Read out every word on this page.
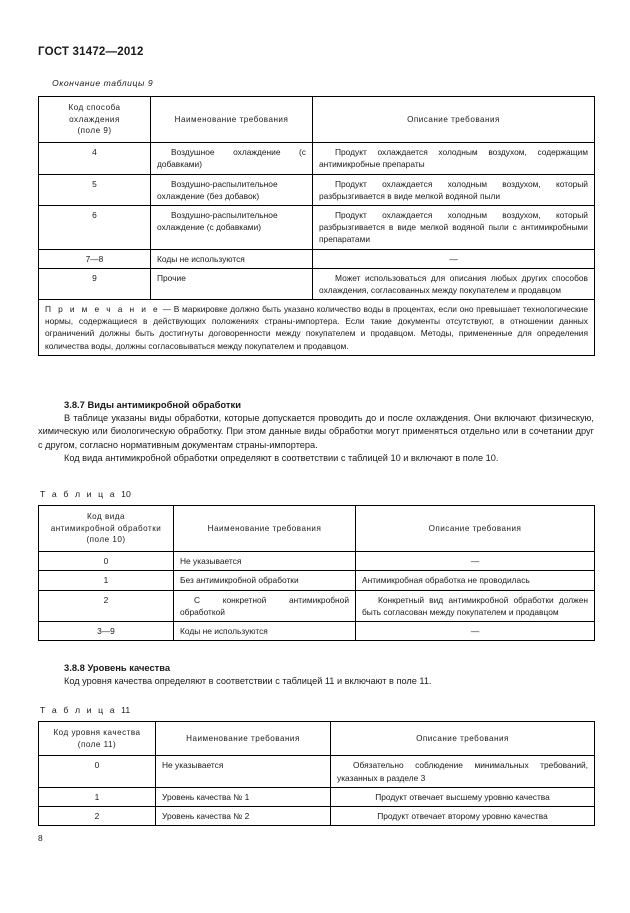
ГОСТ 31472—2012
Окончание таблицы 9
Код способа
охлаждения
(поле 9)	Наименование требования	Описание требования
4	Воздушное охлаждение (с добавками)	Продукт охлаждается холодным воздухом, содержащим антимикробные препараты
5	Воздушно-распылительное охлаждение (без добавок)	Продукт охлаждается холодным воздухом, который разбрызгивается в виде мелкой водяной пыли
6	Воздушно-распылительное охлаждение (с добавками)	Продукт охлаждается холодным воздухом, который разбрызгивается в виде мелкой водяной пыли с антимикробными препаратами
7—8	Коды не используются	—
9	Прочие	Может использоваться для описания любых других способов охлаждения, согласованных между покупателем и продавцом
П р и м е ч а н и е — В маркировке должно быть указано количество воды в процентах, если оно превышает технологические нормы, содержащиеся в действующих положениях страны-импортера. Если такие документы отсутствуют, в отношении данных ограничений должны быть достигнуты договоренности между покупателем и продавцом. Методы, примененные для определения количества воды, должны согласовываться между покупателем и продавцом.		
3.8.7 Виды антимикробной обработки

В таблице указаны виды обработки, которые допускается проводить до и после охлаждения. Они включают физическую, химическую или биологическую обработку. При этом данные виды обработки могут применяться отдельно или в сочетании друг с другом, согласно нормативным документам страны-импортера.

Код вида антимикробной обработки определяют в соответствии с таблицей 10 и включают в поле 10.

Т а б л и ц а 10
Код вида
антимикробной обработки
(поле 10)	Наименование требования	Описание требования
0	Не указывается	—
1	Без антимикробной обработки	Антимикробная обработка не проводилась
2	С конкретной антимикробной обработкой	Конкретный вид антимикробной обработки должен быть согласован между покупателем и продавцом
3—9	Коды не используются	—
3.8.8 Уровень качества

Код уровня качества определяют в соответствии с таблицей 11 и включают в поле 11.

Т а б л и ц а 11
Код уровня качества
(поле 11)	Наименование требования	Описание требования
0	Не указывается	Обязательно соблюдение минимальных требований, указанных в разделе 3
1	Уровень качества № 1	Продукт отвечает высшему уровню качества
2	Уровень качества № 2	Продукт отвечает второму уровню качества
8
